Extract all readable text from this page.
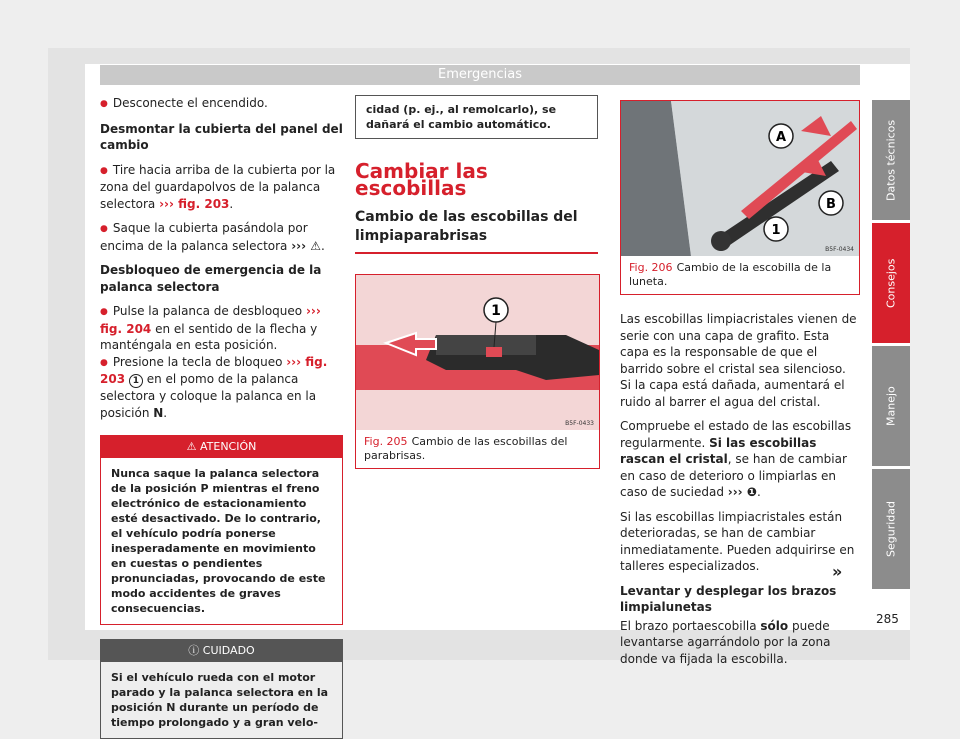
Emergencias

● Desconecte el encendido.

Desmontar la cubierta del panel del cambio

● Tire hacia arriba de la cubierta por la zona del guardapolvos de la palanca selectora ››› fig. 203.

● Saque la cubierta pasándola por encima de la palanca selectora ››› ⚠.

Desbloqueo de emergencia de la palanca selectora

● Pulse la palanca de desbloqueo ››› fig. 204 en el sentido de la flecha y manténgala en esta posición.

● Presione la tecla de bloqueo ››› fig. 203 1 en el pomo de la palanca selectora y coloque la palanca en la posición N.

⚠ ATENCIÓN
Nunca saque la palanca selectora de la posición P mientras el freno electrónico de estacionamiento esté desactivado. De lo contrario, el vehículo podría ponerse inesperadamente en movimiento en cuestas o pendientes pronunciadas, provocando de este modo accidentes de graves consecuencias.
ⓘ CUIDADO
Si el vehículo rueda con el motor parado y la palanca selectora en la posición N durante un período de tiempo prolongado y a gran velo-
cidad (p. ej., al remolcarlo), se dañará el cambio automático.
Cambiar las escobillas
Cambio de las escobillas del limpiaparabrisas
1
B5F-0433
Fig. 205 Cambio de las escobillas del parabrisas.
A
B
1
B5F-0434
Fig. 206 Cambio de la escobilla de la luneta.

Las escobillas limpiacristales vienen de serie con una capa de grafito. Esta capa es la responsable de que el barrido sobre el cristal sea silencioso. Si la capa está dañada, aumentará el ruido al barrer el agua del cristal.

Compruebe el estado de las escobillas regularmente. Si las escobillas rascan el cristal, se han de cambiar en caso de deterioro o limpiarlas en caso de suciedad ››› ❶.

Si las escobillas limpiacristales están deterioradas, se han de cambiar inmediatamente. Pueden adquirirse en talleres especializados.

Levantar y desplegar los brazos limpialunetas

El brazo portaescobilla sólo puede levantarse agarrándolo por la zona donde va fijada la escobilla.

»
Datos técnicos
Consejos
Manejo
Seguridad
285
